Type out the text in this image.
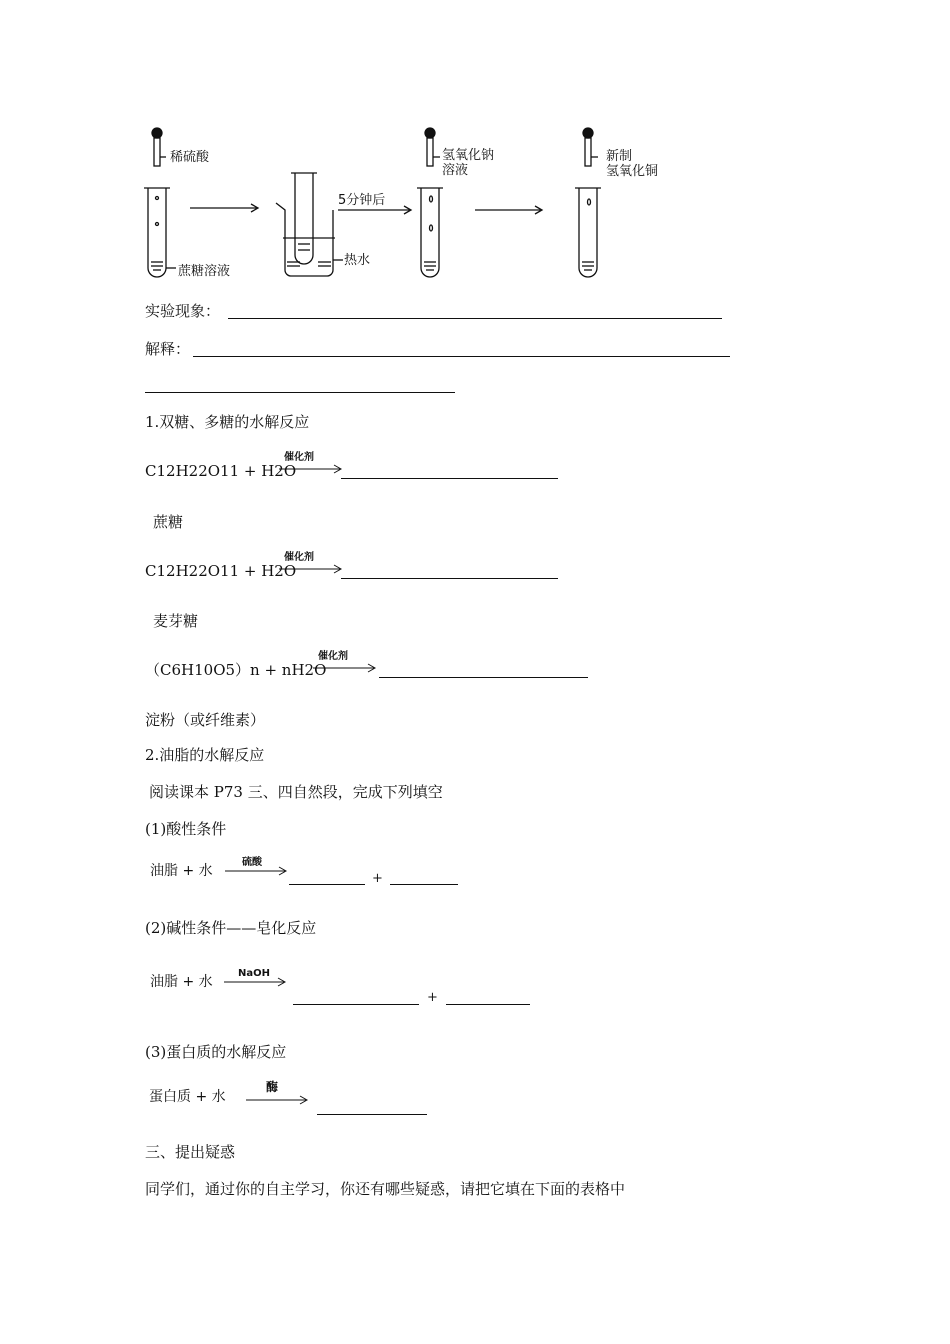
稀硫酸
蔗糖溶液
5分钟后
热水
氢氧化钠
溶液
新制
氢氧化铜
实验现象：
解释：
1.双糖、多糖的水解反应
C12H22O11 + H2O
催化剂
蔗糖
C12H22O11 + H2O
催化剂
麦芽糖
（C6H10O5）n + nH2O
催化剂
淀粉（或纤维素）
2.油脂的水解反应
阅读课本 P73 三、四自然段，完成下列填空
(1)酸性条件
油脂 + 水
硫酸
+
(2)碱性条件——皂化反应
油脂 + 水
NaOH
+
(3)蛋白质的水解反应
蛋白质 + 水
酶
三、提出疑惑
同学们，通过你的自主学习，你还有哪些疑惑，请把它填在下面的表格中
